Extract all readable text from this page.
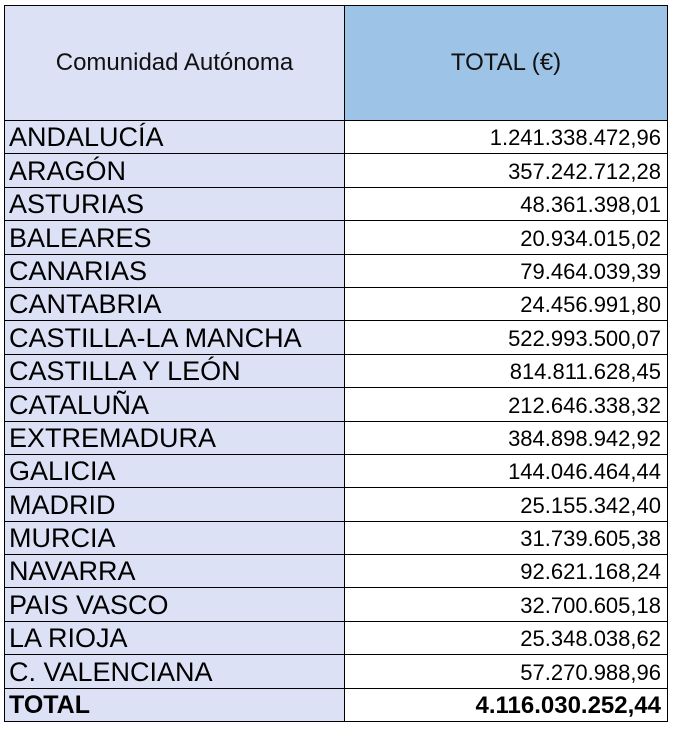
Comunidad Autónoma	TOTAL (€)
ANDALUCÍA	1.241.338.472,96
ARAGÓN	357.242.712,28
ASTURIAS	48.361.398,01
BALEARES	20.934.015,02
CANARIAS	79.464.039,39
CANTABRIA	24.456.991,80
CASTILLA-LA MANCHA	522.993.500,07
CASTILLA Y LEÓN	814.811.628,45
CATALUÑA	212.646.338,32
EXTREMADURA	384.898.942,92
GALICIA	144.046.464,44
MADRID	25.155.342,40
MURCIA	31.739.605,38
NAVARRA	92.621.168,24
PAIS VASCO	32.700.605,18
LA RIOJA	25.348.038,62
C. VALENCIANA	57.270.988,96
TOTAL	4.116.030.252,44
